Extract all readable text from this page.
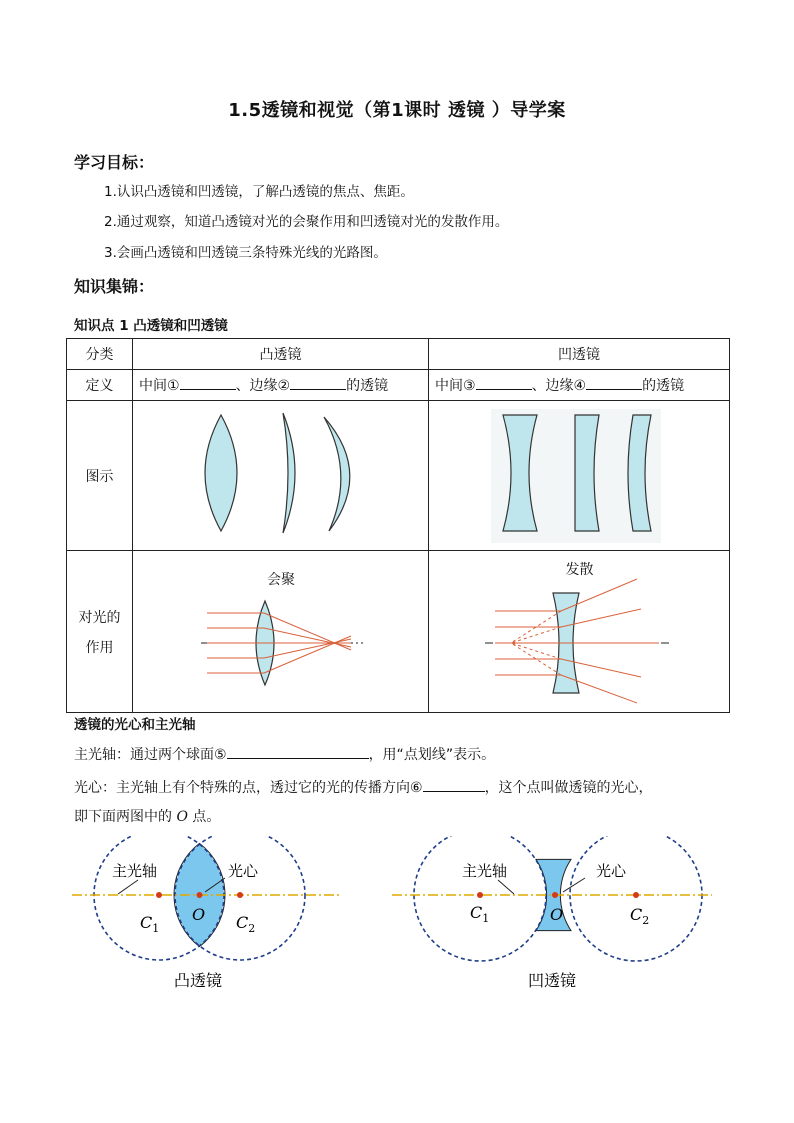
1.5透镜和视觉（第1课时 透镜 ）导学案
学习目标：
1.认识凸透镜和凹透镜，了解凸透镜的焦点、焦距。
2.通过观察，知道凸透镜对光的会聚作用和凹透镜对光的发散作用。
3.会画凸透镜和凹透镜三条特殊光线的光路图。
知识集锦：
知识点 1 凸透镜和凹透镜
分类	凸透镜	凹透镜
定义	中间① 、边缘② 的透镜	中间③ 、边缘④ 的透镜
图示		

对光的
作用	会聚	发散
透镜的光心和主光轴
主光轴：通过两个球面⑤	，用“点划线”表示。
光心：主光轴上有个特殊的点，透过它的光的传播方向⑥	，这个点叫做透镜的光心，
即下面两图中的 O 点。
主光轴	光心
$C_1$
O $C_2$
凸透镜
主光轴	光心
$C_1$	O	$C_2$
凹透镜
